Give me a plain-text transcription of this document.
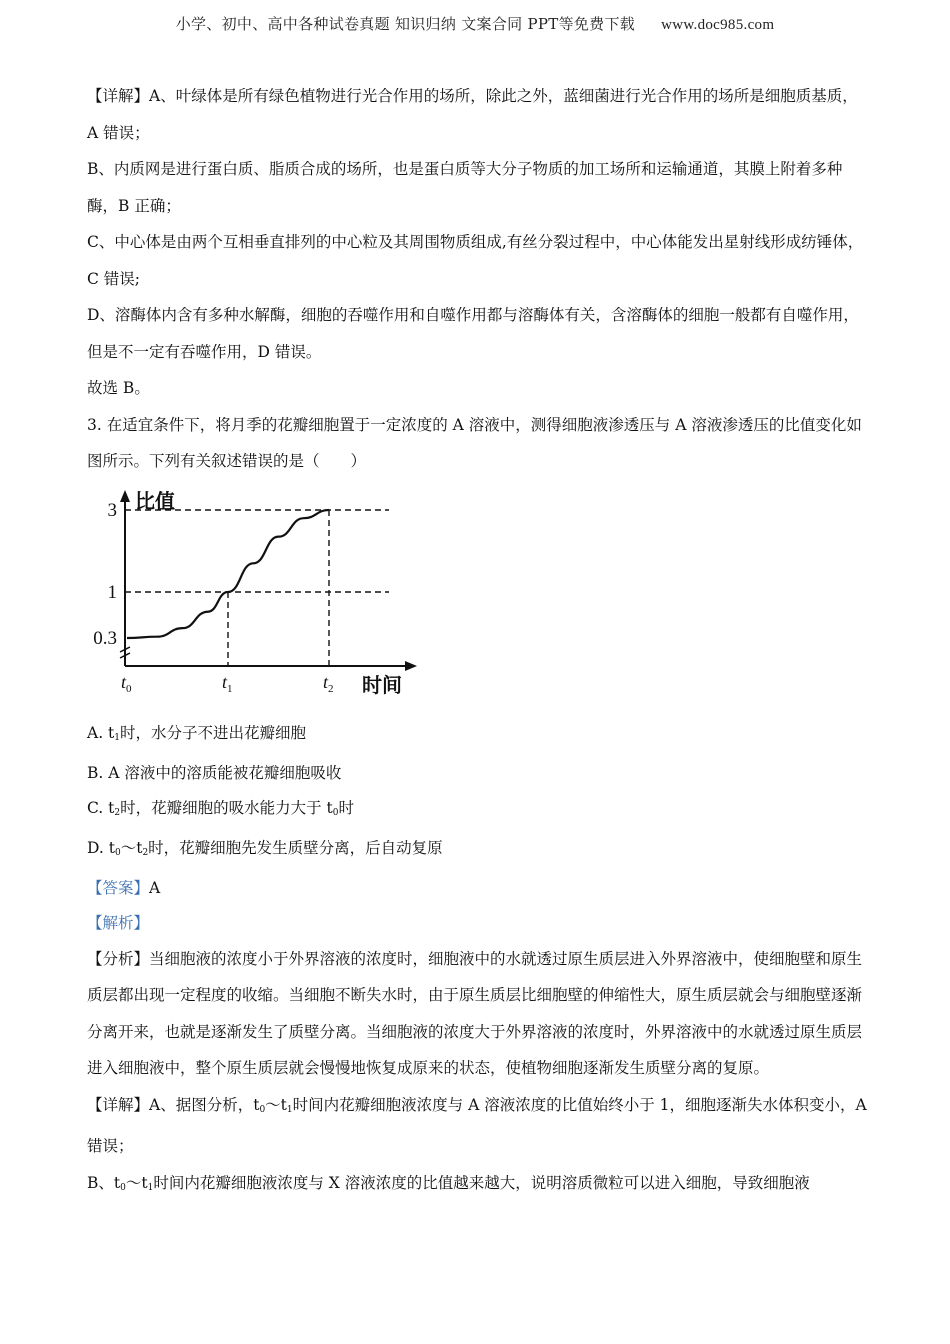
小学、初中、高中各种试卷真题 知识归纳 文案合同 PPT等免费下载 www.doc985.com

【详解】A、叶绿体是所有绿色植物进行光合作用的场所，除此之外，蓝细菌进行光合作用的场所是细胞质基质，A 错误；

B、内质网是进行蛋白质、脂质合成的场所，也是蛋白质等大分子物质的加工场所和运输通道，其膜上附着多种酶，B 正确；

C、中心体是由两个互相垂直排列的中心粒及其周围物质组成,有丝分裂过程中，中心体能发出星射线形成纺锤体，C 错误;

D、溶酶体内含有多种水解酶，细胞的吞噬作用和自噬作用都与溶酶体有关，含溶酶体的细胞一般都有自噬作用，但是不一定有吞噬作用，D 错误。

故选 B。

3. 在适宜条件下，将月季的花瓣细胞置于一定浓度的 A 溶液中，测得细胞液渗透压与 A 溶液渗透压的比值变化如图所示。下列有关叙述错误的是（　　）

0.3
1
3 比值
时间
$t_0$	$t_1$	$t_2$

A. $t_1$时，水分子不进出花瓣细胞

B. A 溶液中的溶质能被花瓣细胞吸收

C. $t_2$时，花瓣细胞的吸水能力大于 $t_0$时

D. $t_0\sim t_2$时，花瓣细胞先发生质壁分离，后自动复原

【答案】A

【解析】

【分析】当细胞液的浓度小于外界溶液的浓度时，细胞液中的水就透过原生质层进入外界溶液中，使细胞壁和原生质层都出现一定程度的收缩。当细胞不断失水时，由于原生质层比细胞壁的伸缩性大，原生质层就会与细胞壁逐渐分离开来，也就是逐渐发生了质壁分离。当细胞液的浓度大于外界溶液的浓度时，外界溶液中的水就透过原生质层进入细胞液中，整个原生质层就会慢慢地恢复成原来的状态，使植物细胞逐渐发生质壁分离的复原。

【详解】A、据图分析，$t_0\sim t_1$时间内花瓣细胞液浓度与 A 溶液浓度的比值始终小于 1，细胞逐渐失水体积变小，A 错误；

B、$t_0\sim t_1$时间内花瓣细胞液浓度与 X 溶液浓度的比值越来越大，说明溶质微粒可以进入细胞，导致细胞液
